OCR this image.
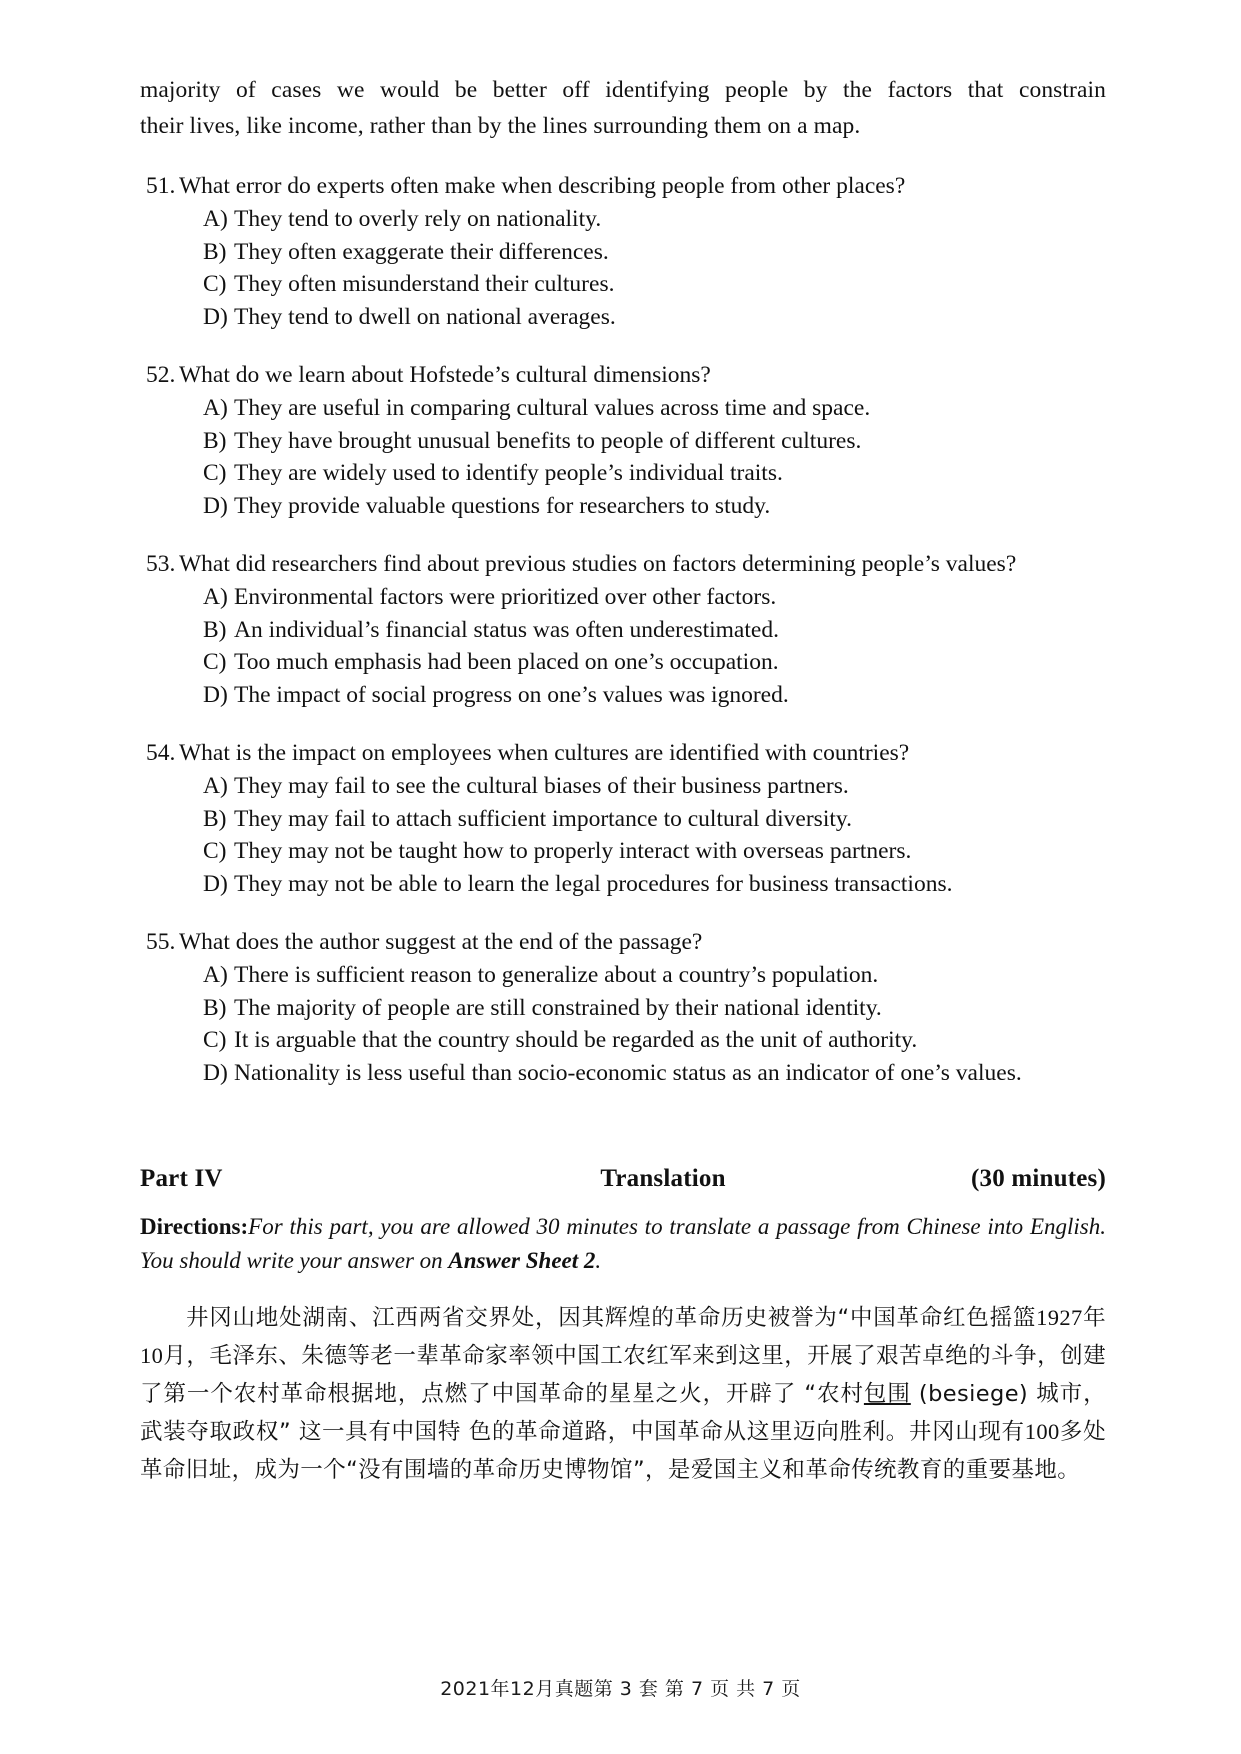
majority of cases we would be better off identifying people by the factors that constrain
their lives, like income, rather than by the lines surrounding them on a map.
51. What error do experts often make when describing people from other places?
A) They tend to overly rely on nationality.
B) They often exaggerate their differences.
C) They often misunderstand their cultures.
D) They tend to dwell on national averages.
52. What do we learn about Hofstede’s cultural dimensions?
A) They are useful in comparing cultural values across time and space.
B) They have brought unusual benefits to people of different cultures.
C) They are widely used to identify people’s individual traits.
D) They provide valuable questions for researchers to study.
53. What did researchers find about previous studies on factors determining people’s values?
A) Environmental factors were prioritized over other factors.
B) An individual’s financial status was often underestimated.
C) Too much emphasis had been placed on one’s occupation.
D) The impact of social progress on one’s values was ignored.
54. What is the impact on employees when cultures are identified with countries?
A) They may fail to see the cultural biases of their business partners.
B) They may fail to attach sufficient importance to cultural diversity.
C) They may not be taught how to properly interact with overseas partners.
D) They may not be able to learn the legal procedures for business transactions.
55. What does the author suggest at the end of the passage?
A) There is sufficient reason to generalize about a country’s population.
B) The majority of people are still constrained by their national identity.
C) It is arguable that the country should be regarded as the unit of authority.
D) Nationality is less useful than socio-economic status as an indicator of one’s values.
Part IV	Translation	(30 minutes)
Directions:For this part, you are allowed 30 minutes to translate a passage from Chinese into English. You should write your answer on Answer Sheet 2.
井冈山地处湖南、江西两省交界处，因其辉煌的革命历史被誉为“中国革命红色摇篮1927年10月，毛泽东、朱德等老一辈革命家率领中国工农红军来到这里，开展了艰苦卓绝的斗争，创建了第一个农村革命根据地，点燃了中国革命的星星之火，开辟了 “农村包围 (besiege) 城市，武装夺取政权” 这一具有中国特 色的革命道路，中国革命从这里迈向胜利。井冈山现有100多处革命旧址，成为一个“没有围墙的革命历史博物馆”，是爱国主义和革命传统教育的重要基地。

2021年12月真题第 3 套 第 7 页 共 7 页
